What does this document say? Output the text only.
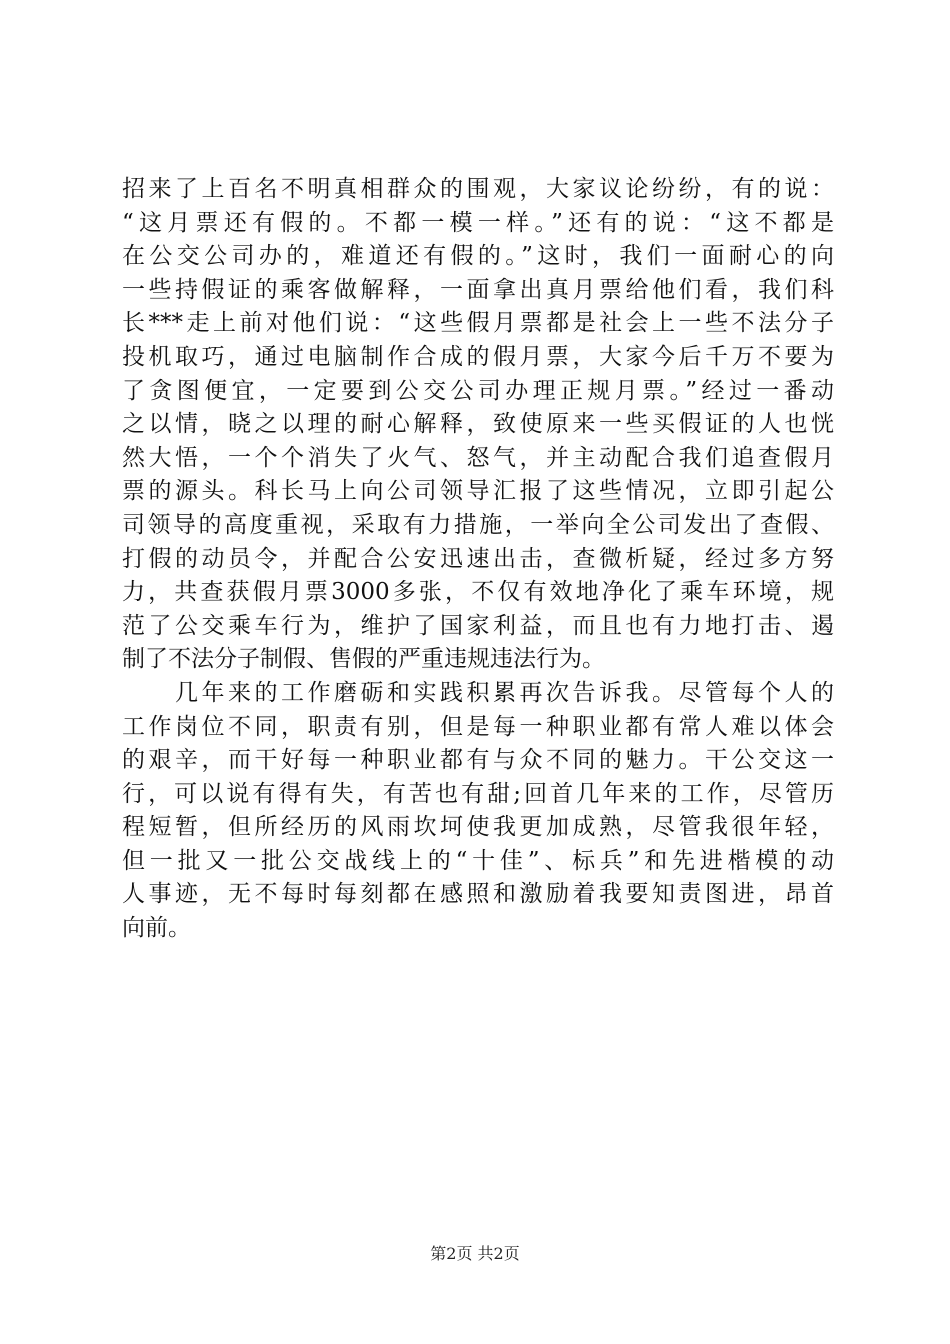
招来了上百名不明真相群众的围观，大家议论纷纷，有的说：
“这月票还有假的。不都一模一样。”还有的说：“这不都是
在公交公司办的，难道还有假的。”这时，我们一面耐心的向
一些持假证的乘客做解释，一面拿出真月票给他们看，我们科
长***走上前对他们说：“这些假月票都是社会上一些不法分子
投机取巧，通过电脑制作合成的假月票，大家今后千万不要为
了贪图便宜，一定要到公交公司办理正规月票。”经过一番动
之以情，晓之以理的耐心解释，致使原来一些买假证的人也恍
然大悟，一个个消失了火气、怒气，并主动配合我们追查假月
票的源头。科长马上向公司领导汇报了这些情况，立即引起公
司领导的高度重视，采取有力措施，一举向全公司发出了查假、
打假的动员令，并配合公安迅速出击，查微析疑，经过多方努
力，共查获假月票3000多张，不仅有效地净化了乘车环境，规
范了公交乘车行为，维护了国家利益，而且也有力地打击、遏
制了不法分子制假、售假的严重违规违法行为。
　　几年来的工作磨砺和实践积累再次告诉我。尽管每个人的
工作岗位不同，职责有别，但是每一种职业都有常人难以体会
的艰辛，而干好每一种职业都有与众不同的魅力。干公交这一
行，可以说有得有失，有苦也有甜;回首几年来的工作，尽管历
程短暂，但所经历的风雨坎坷使我更加成熟，尽管我很年轻，
但一批又一批公交战线上的“十佳”、标兵”和先进楷模的动
人事迹，无不每时每刻都在感照和激励着我要知责图进，昂首
向前。
第2页 共2页
